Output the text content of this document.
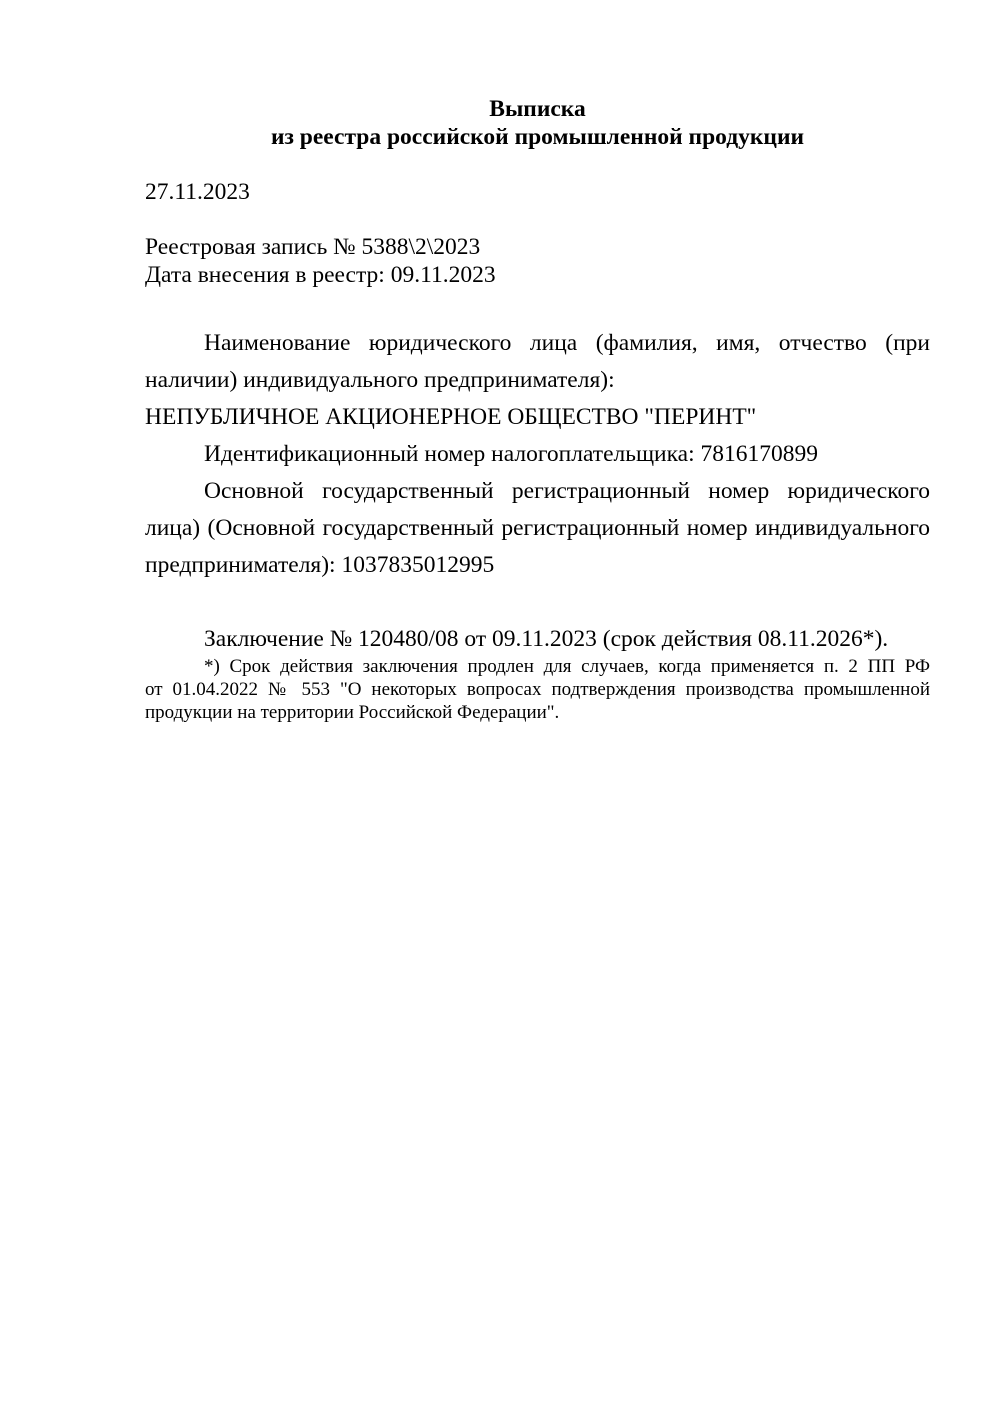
Выписка
из реестра российской промышленной продукции
27.11.2023
Реестровая запись № 5388\2\2023
Дата внесения в реестр: 09.11.2023
Наименование юридического лица (фамилия, имя, отчество (при
наличии) индивидуального предпринимателя):
НЕПУБЛИЧНОЕ АКЦИОНЕРНОЕ ОБЩЕСТВО "ПЕРИНТ"
Идентификационный номер налогоплательщика: 7816170899
Основной государственный регистрационный номер юридического
лица) (Основной государственный регистрационный номер индивидуального
предпринимателя): 1037835012995
Заключение № 120480/08 от 09.11.2023 (срок действия 08.11.2026*).
*) Срок действия заключения продлен для случаев, когда применяется п. 2 ПП РФ
от 01.04.2022 № 553 "О некоторых вопросах подтверждения производства промышленной
продукции на территории Российской Федерации".
